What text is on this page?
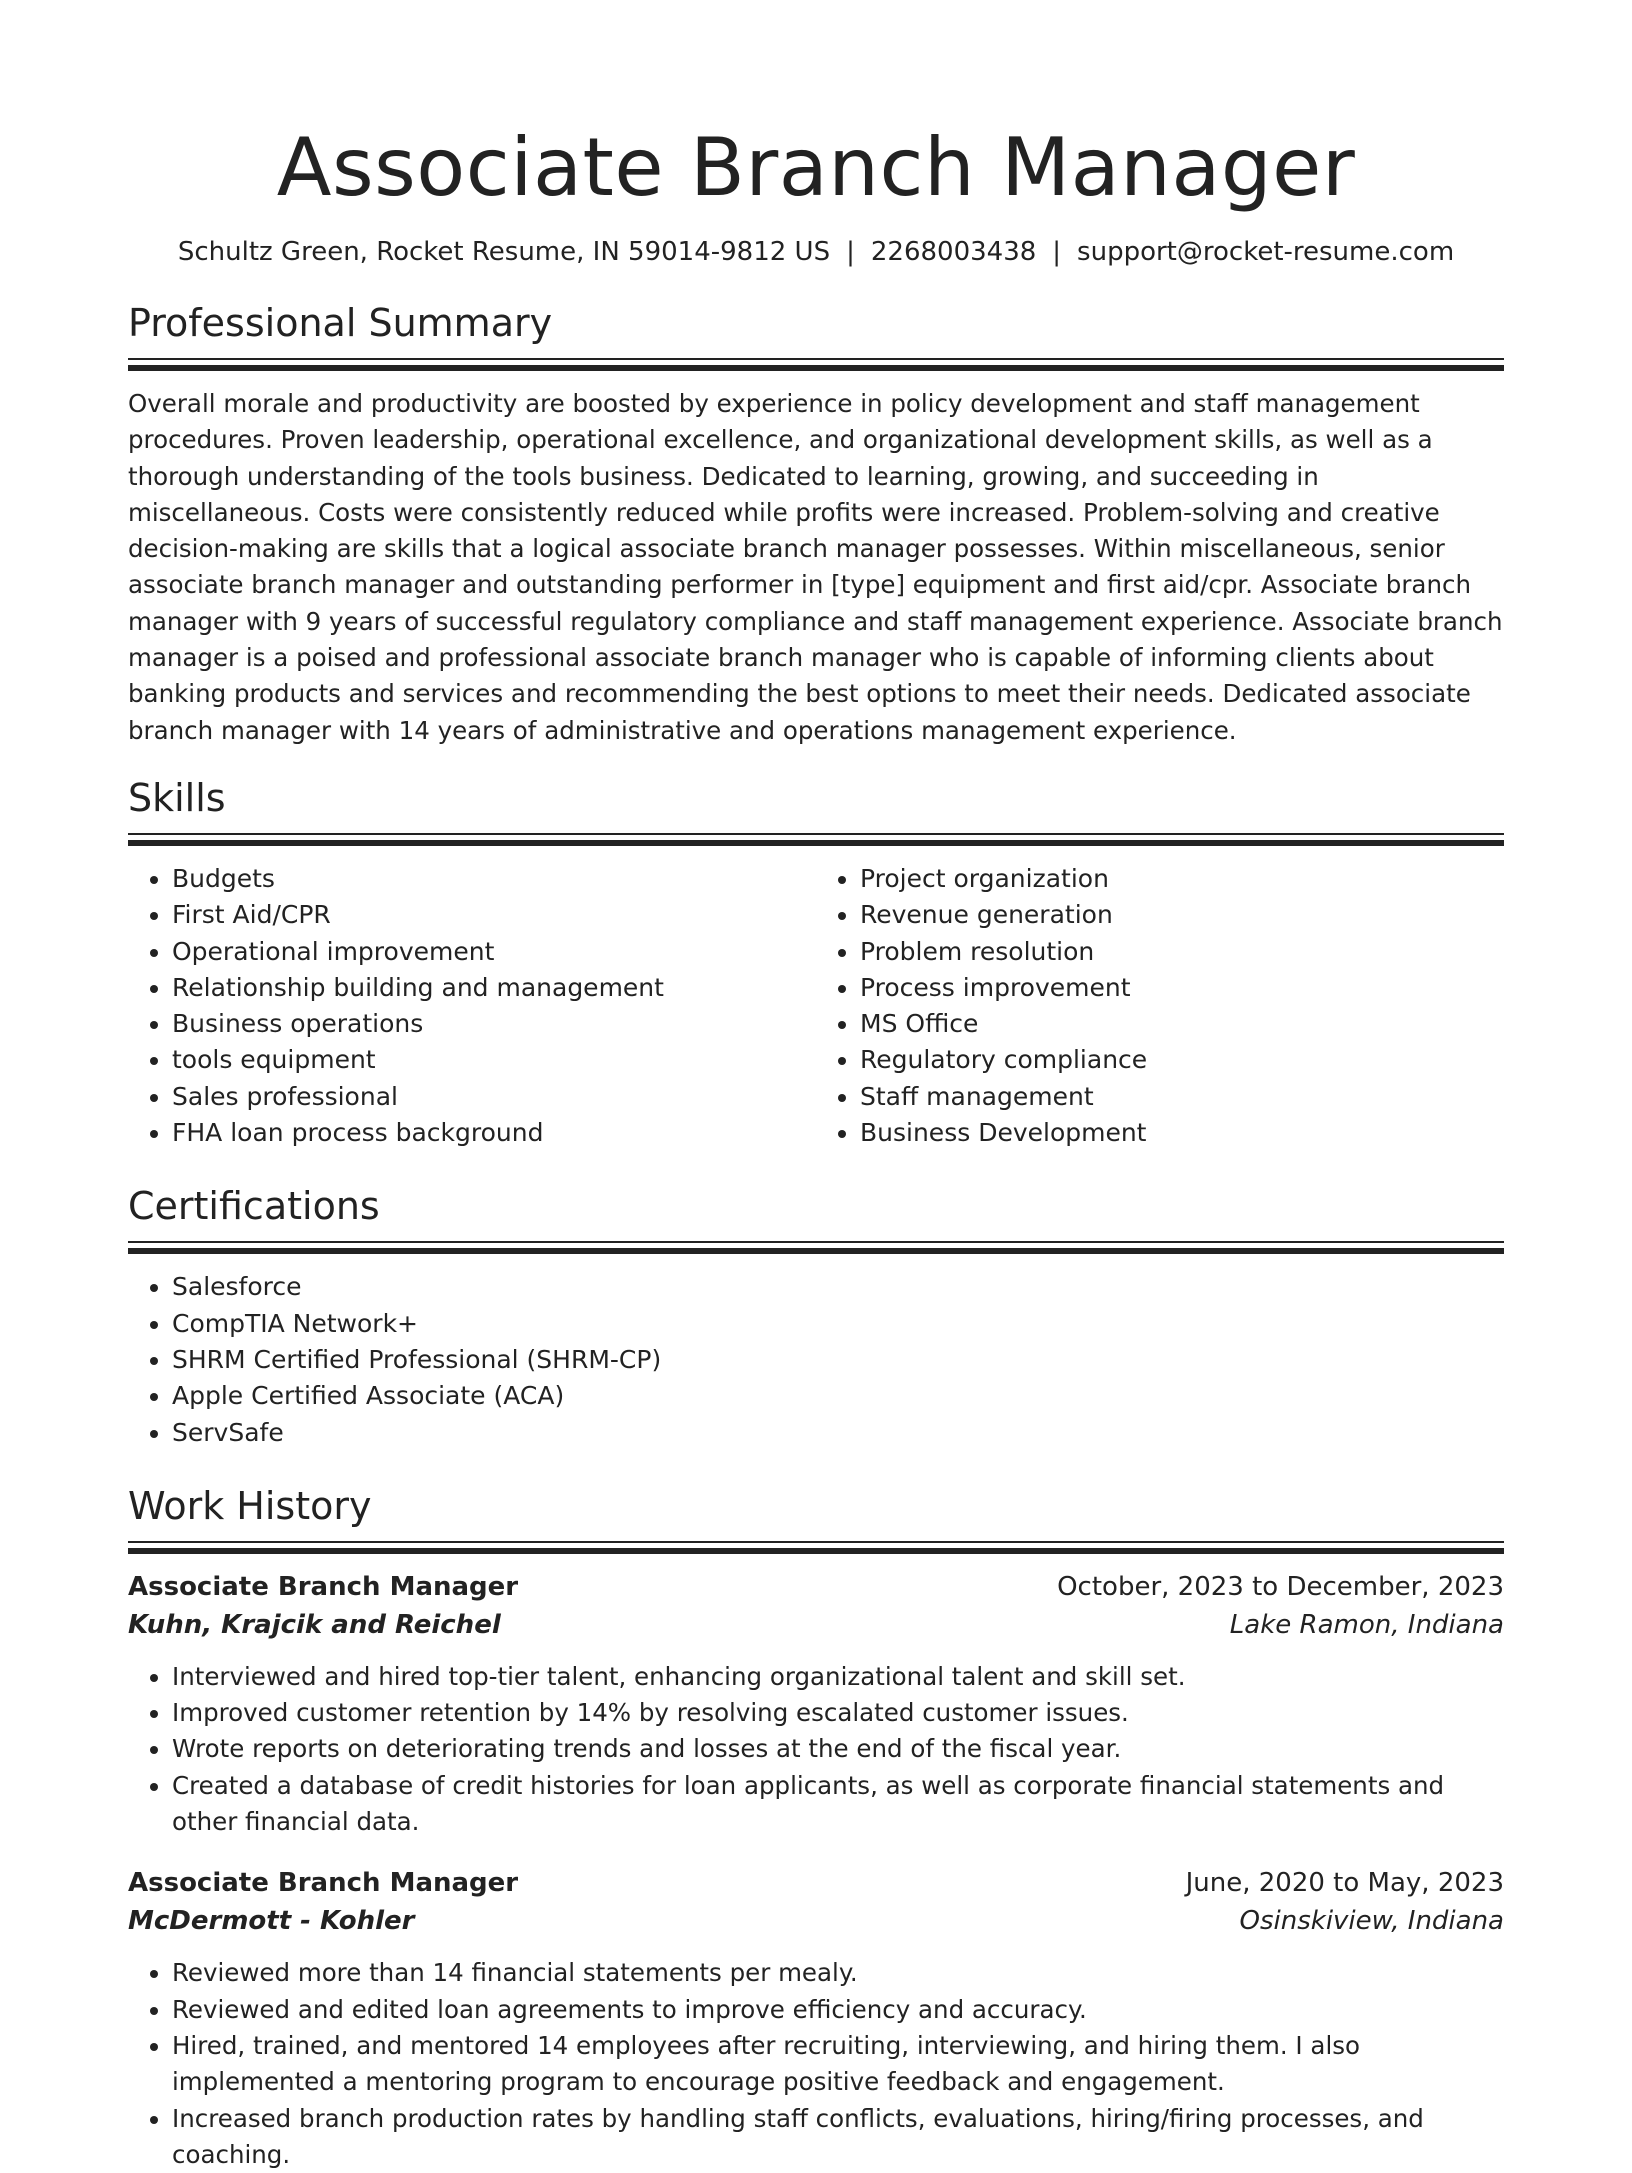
Associate Branch Manager
Schultz Green, Rocket Resume, IN 59014-9812 US | 2268003438 | support@rocket-resume.com
Professional Summary

Overall morale and productivity are boosted by experience in policy development and staff management procedures. Proven leadership, operational excellence, and organizational development skills, as well as a thorough understanding of the tools business. Dedicated to learning, growing, and succeeding in miscellaneous. Costs were consistently reduced while profits were increased. Problem-solving and creative decision-making are skills that a logical associate branch manager possesses. Within miscellaneous, senior associate branch manager and outstanding performer in [type] equipment and first aid/cpr. Associate branch manager with 9 years of successful regulatory compliance and staff management experience. Associate branch manager is a poised and professional associate branch manager who is capable of informing clients about banking products and services and recommending the best options to meet their needs. Dedicated associate branch manager with 14 years of administrative and operations management experience.

Skills
• Budgets
• First Aid/CPR
• Operational improvement
• Relationship building and management
• Business operations
• tools equipment
• Sales professional
• FHA loan process background
• Project organization
• Revenue generation
• Problem resolution
• Process improvement
• MS Office
• Regulatory compliance
• Staff management
• Business Development
Certifications
• Salesforce
• CompTIA Network+
• SHRM Certified Professional (SHRM-CP)
• Apple Certified Associate (ACA)
• ServSafe
Work History
Associate Branch Manager	October, 2023 to December, 2023
Kuhn, Krajcik and Reichel	Lake Ramon, Indiana
• Interviewed and hired top-tier talent, enhancing organizational talent and skill set.
• Improved customer retention by 14% by resolving escalated customer issues.
• Wrote reports on deteriorating trends and losses at the end of the fiscal year.
• Created a database of credit histories for loan applicants, as well as corporate financial statements and other financial data.
Associate Branch Manager	June, 2020 to May, 2023
McDermott - Kohler	Osinskiview, Indiana
• Reviewed more than 14 financial statements per mealy.
• Reviewed and edited loan agreements to improve efficiency and accuracy.
• Hired, trained, and mentored 14 employees after recruiting, interviewing, and hiring them. I also implemented a mentoring program to encourage positive feedback and engagement.
• Increased branch production rates by handling staff conflicts, evaluations, hiring/firing processes, and coaching.
